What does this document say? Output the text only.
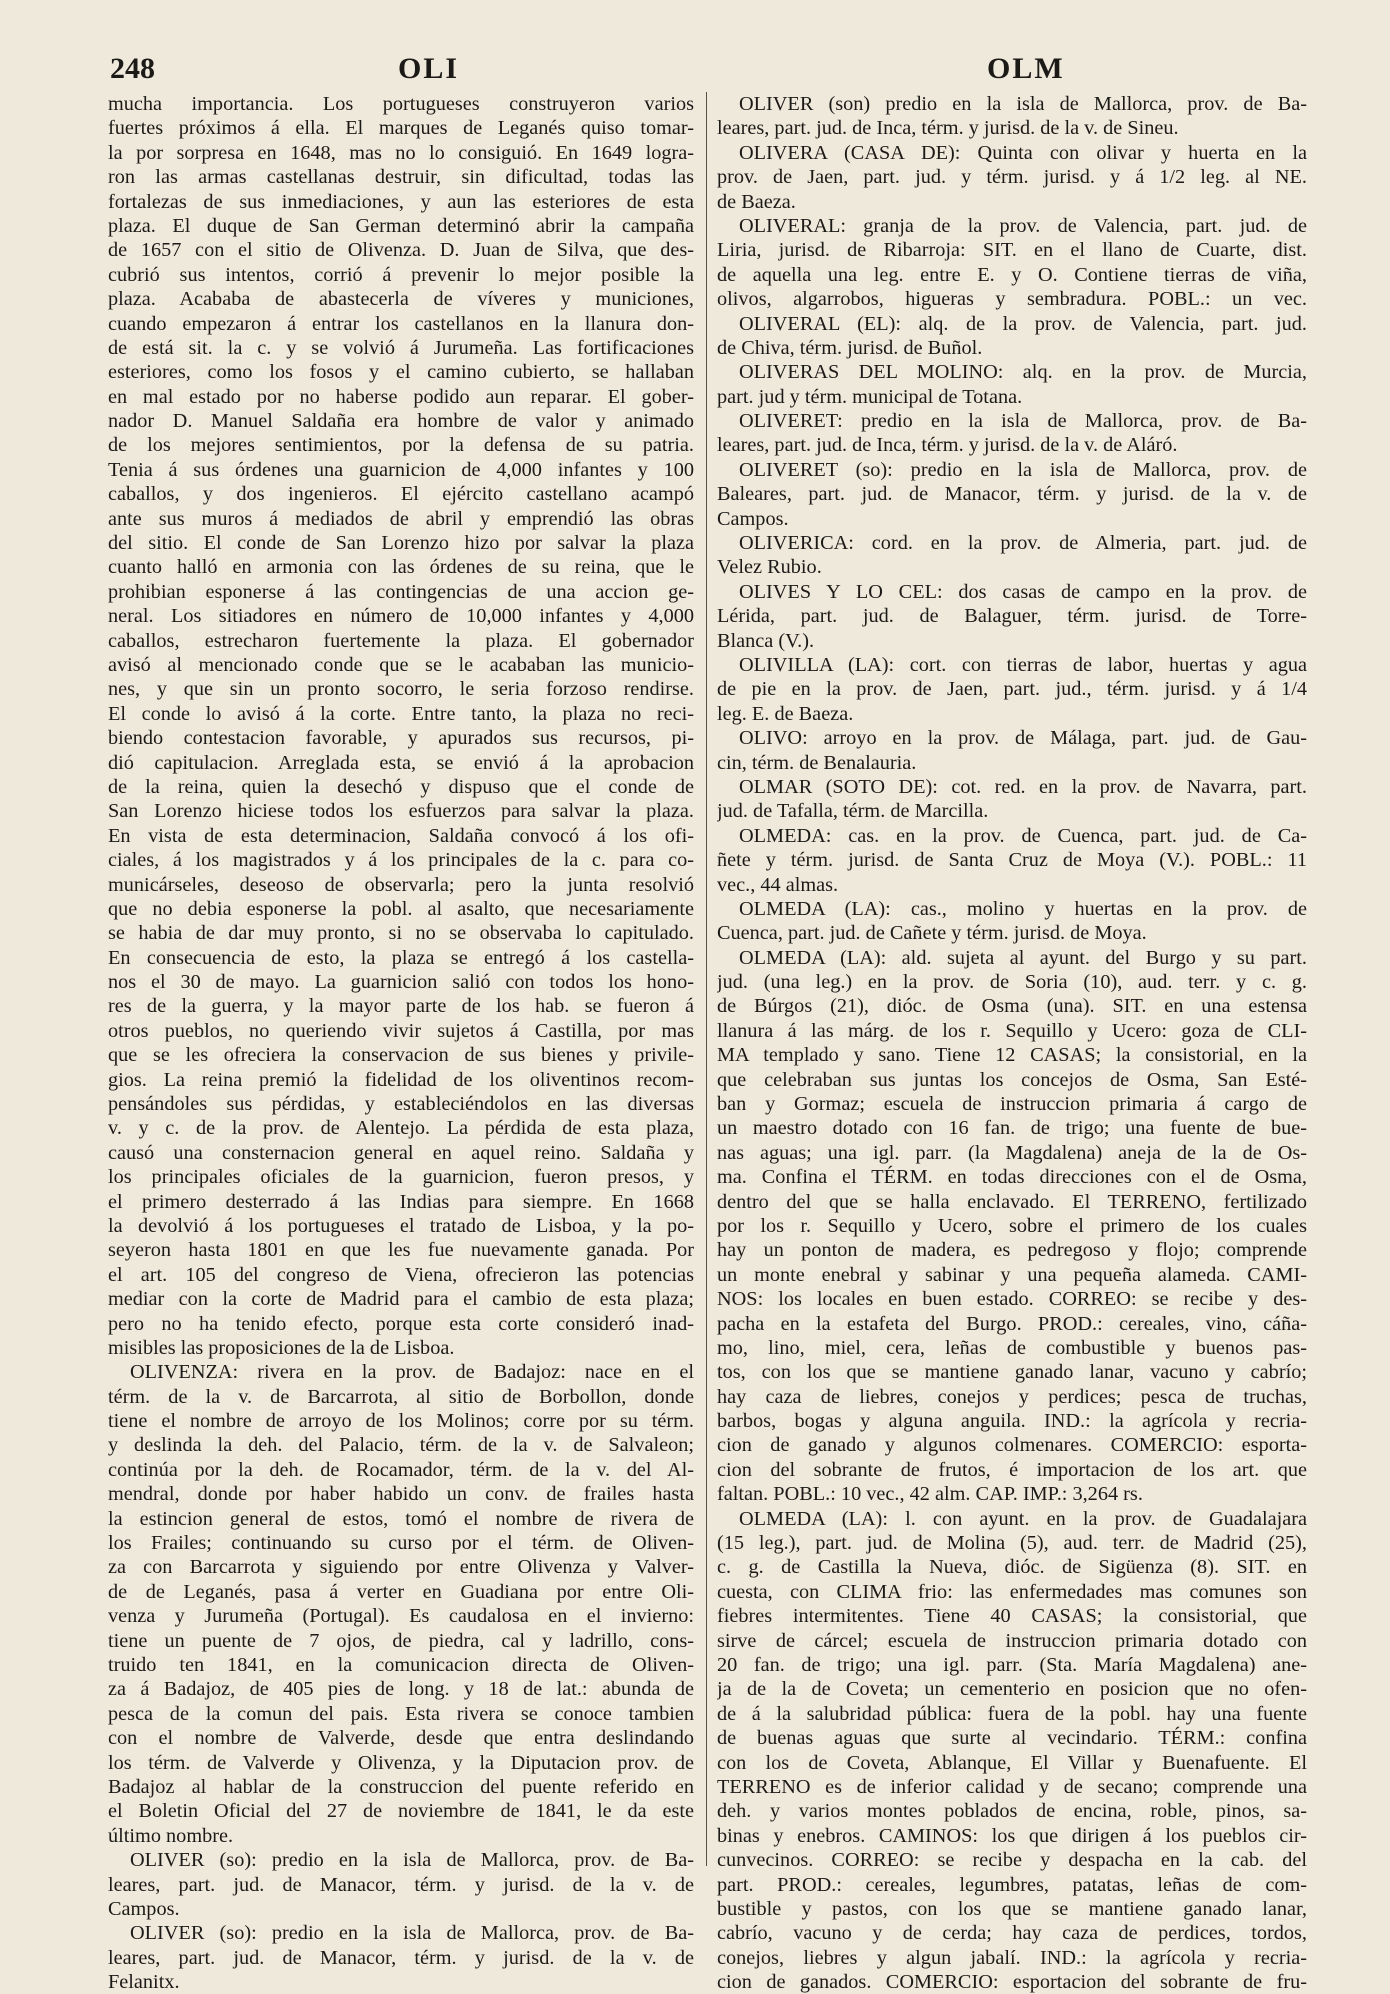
248	OLI	OLM
mucha importancia. Los portugueses construyeron varios
fuertes próximos á ella. El marques de Leganés quiso tomar-
la por sorpresa en 1648, mas no lo consiguió. En 1649 logra-
ron las armas castellanas destruir, sin dificultad, todas las
fortalezas de sus inmediaciones, y aun las esteriores de esta
plaza. El duque de San German determinó abrir la campaña
de 1657 con el sitio de Olivenza. D. Juan de Silva, que des-
cubrió sus intentos, corrió á prevenir lo mejor posible la
plaza. Acababa de abastecerla de víveres y municiones,
cuando empezaron á entrar los castellanos en la llanura don-
de está sit. la c. y se volvió á Jurumeña. Las fortificaciones
esteriores, como los fosos y el camino cubierto, se hallaban
en mal estado por no haberse podido aun reparar. El gober-
nador D. Manuel Saldaña era hombre de valor y animado
de los mejores sentimientos, por la defensa de su patria.
Tenia á sus órdenes una guarnicion de 4,000 infantes y 100
caballos, y dos ingenieros. El ejército castellano acampó
ante sus muros á mediados de abril y emprendió las obras
del sitio. El conde de San Lorenzo hizo por salvar la plaza
cuanto halló en armonia con las órdenes de su reina, que le
prohibian esponerse á las contingencias de una accion ge-
neral. Los sitiadores en número de 10,000 infantes y 4,000
caballos, estrecharon fuertemente la plaza. El gobernador
avisó al mencionado conde que se le acababan las municio-
nes, y que sin un pronto socorro, le seria forzoso rendirse.
El conde lo avisó á la corte. Entre tanto, la plaza no reci-
biendo contestacion favorable, y apurados sus recursos, pi-
dió capitulacion. Arreglada esta, se envió á la aprobacion
de la reina, quien la desechó y dispuso que el conde de
San Lorenzo hiciese todos los esfuerzos para salvar la plaza.
En vista de esta determinacion, Saldaña convocó á los ofi-
ciales, á los magistrados y á los principales de la c. para co-
municárseles, deseoso de observarla; pero la junta resolvió
que no debia esponerse la pobl. al asalto, que necesariamente
se habia de dar muy pronto, si no se observaba lo capitulado.
En consecuencia de esto, la plaza se entregó á los castella-
nos el 30 de mayo. La guarnicion salió con todos los hono-
res de la guerra, y la mayor parte de los hab. se fueron á
otros pueblos, no queriendo vivir sujetos á Castilla, por mas
que se les ofreciera la conservacion de sus bienes y privile-
gios. La reina premió la fidelidad de los oliventinos recom-
pensándoles sus pérdidas, y estableciéndolos en las diversas
v. y c. de la prov. de Alentejo. La pérdida de esta plaza,
causó una consternacion general en aquel reino. Saldaña y
los principales oficiales de la guarnicion, fueron presos, y
el primero desterrado á las Indias para siempre. En 1668
la devolvió á los portugueses el tratado de Lisboa, y la po-
seyeron hasta 1801 en que les fue nuevamente ganada. Por
el art. 105 del congreso de Viena, ofrecieron las potencias
mediar con la corte de Madrid para el cambio de esta plaza;
pero no ha tenido efecto, porque esta corte consideró inad-
misibles las proposiciones de la de Lisboa.
OLIVENZA: rivera en la prov. de Badajoz: nace en el
térm. de la v. de Barcarrota, al sitio de Borbollon, donde
tiene el nombre de arroyo de los Molinos; corre por su térm.
y deslinda la deh. del Palacio, térm. de la v. de Salvaleon;
continúa por la deh. de Rocamador, térm. de la v. del Al-
mendral, donde por haber habido un conv. de frailes hasta
la estincion general de estos, tomó el nombre de rivera de
los Frailes; continuando su curso por el térm. de Oliven-
za con Barcarrota y siguiendo por entre Olivenza y Valver-
de de Leganés, pasa á verter en Guadiana por entre Oli-
venza y Jurumeña (Portugal). Es caudalosa en el invierno:
tiene un puente de 7 ojos, de piedra, cal y ladrillo, cons-
truido ten 1841, en la comunicacion directa de Oliven-
za á Badajoz, de 405 pies de long. y 18 de lat.: abunda de
pesca de la comun del pais. Esta rivera se conoce tambien
con el nombre de Valverde, desde que entra deslindando
los térm. de Valverde y Olivenza, y la Diputacion prov. de
Badajoz al hablar de la construccion del puente referido en
el Boletin Oficial del 27 de noviembre de 1841, le da este
último nombre.
OLIVER (so): predio en la isla de Mallorca, prov. de Ba-
leares, part. jud. de Manacor, térm. y jurisd. de la v. de
Campos.
OLIVER (so): predio en la isla de Mallorca, prov. de Ba-
leares, part. jud. de Manacor, térm. y jurisd. de la v. de
Felanitx.
OLIVER (son) predio en la isla de Mallorca, prov. de Ba-
leares, part. jud. de Inca, térm. y jurisd. de la v. de Sineu.
OLIVERA (CASA DE): Quinta con olivar y huerta en la
prov. de Jaen, part. jud. y térm. jurisd. y á 1/2 leg. al NE.
de Baeza.
OLIVERAL: granja de la prov. de Valencia, part. jud. de
Liria, jurisd. de Ribarroja: SIT. en el llano de Cuarte, dist.
de aquella una leg. entre E. y O. Contiene tierras de viña,
olivos, algarrobos, higueras y sembradura. POBL.: un vec.
OLIVERAL (EL): alq. de la prov. de Valencia, part. jud.
de Chiva, térm. jurisd. de Buñol.
OLIVERAS DEL MOLINO: alq. en la prov. de Murcia,
part. jud y térm. municipal de Totana.
OLIVERET: predio en la isla de Mallorca, prov. de Ba-
leares, part. jud. de Inca, térm. y jurisd. de la v. de Aláró.
OLIVERET (so): predio en la isla de Mallorca, prov. de
Baleares, part. jud. de Manacor, térm. y jurisd. de la v. de
Campos.
OLIVERICA: cord. en la prov. de Almeria, part. jud. de
Velez Rubio.
OLIVES Y LO CEL: dos casas de campo en la prov. de
Lérida, part. jud. de Balaguer, térm. jurisd. de Torre-
Blanca (V.).
OLIVILLA (LA): cort. con tierras de labor, huertas y agua
de pie en la prov. de Jaen, part. jud., térm. jurisd. y á 1/4
leg. E. de Baeza.
OLIVO: arroyo en la prov. de Málaga, part. jud. de Gau-
cin, térm. de Benalauria.
OLMAR (SOTO DE): cot. red. en la prov. de Navarra, part.
jud. de Tafalla, térm. de Marcilla.
OLMEDA: cas. en la prov. de Cuenca, part. jud. de Ca-
ñete y térm. jurisd. de Santa Cruz de Moya (V.). POBL.: 11
vec., 44 almas.
OLMEDA (LA): cas., molino y huertas en la prov. de
Cuenca, part. jud. de Cañete y térm. jurisd. de Moya.
OLMEDA (LA): ald. sujeta al ayunt. del Burgo y su part.
jud. (una leg.) en la prov. de Soria (10), aud. terr. y c. g.
de Búrgos (21), dióc. de Osma (una). SIT. en una estensa
llanura á las márg. de los r. Sequillo y Ucero: goza de CLI-
MA templado y sano. Tiene 12 CASAS; la consistorial, en la
que celebraban sus juntas los concejos de Osma, San Esté-
ban y Gormaz; escuela de instruccion primaria á cargo de
un maestro dotado con 16 fan. de trigo; una fuente de bue-
nas aguas; una igl. parr. (la Magdalena) aneja de la de Os-
ma. Confina el TÉRM. en todas direcciones con el de Osma,
dentro del que se halla enclavado. El TERRENO, fertilizado
por los r. Sequillo y Ucero, sobre el primero de los cuales
hay un ponton de madera, es pedregoso y flojo; comprende
un monte enebral y sabinar y una pequeña alameda. CAMI-
NOS: los locales en buen estado. CORREO: se recibe y des-
pacha en la estafeta del Burgo. PROD.: cereales, vino, cáña-
mo, lino, miel, cera, leñas de combustible y buenos pas-
tos, con los que se mantiene ganado lanar, vacuno y cabrío;
hay caza de liebres, conejos y perdices; pesca de truchas,
barbos, bogas y alguna anguila. IND.: la agrícola y recria-
cion de ganado y algunos colmenares. COMERCIO: esporta-
cion del sobrante de frutos, é importacion de los art. que
faltan. POBL.: 10 vec., 42 alm. CAP. IMP.: 3,264 rs.
OLMEDA (LA): l. con ayunt. en la prov. de Guadalajara
(15 leg.), part. jud. de Molina (5), aud. terr. de Madrid (25),
c. g. de Castilla la Nueva, dióc. de Sigüenza (8). SIT. en
cuesta, con CLIMA frio: las enfermedades mas comunes son
fiebres intermitentes. Tiene 40 CASAS; la consistorial, que
sirve de cárcel; escuela de instruccion primaria dotado con
20 fan. de trigo; una igl. parr. (Sta. María Magdalena) ane-
ja de la de Coveta; un cementerio en posicion que no ofen-
de á la salubridad pública: fuera de la pobl. hay una fuente
de buenas aguas que surte al vecindario. TÉRM.: confina
con los de Coveta, Ablanque, El Villar y Buenafuente. El
TERRENO es de inferior calidad y de secano; comprende una
deh. y varios montes poblados de encina, roble, pinos, sa-
binas y enebros. CAMINOS: los que dirigen á los pueblos cir-
cunvecinos. CORREO: se recibe y despacha en la cab. del
part. PROD.: cereales, legumbres, patatas, leñas de com-
bustible y pastos, con los que se mantiene ganado lanar,
cabrío, vacuno y de cerda; hay caza de perdices, tordos,
conejos, liebres y algun jabalí. IND.: la agrícola y recria-
cion de ganados. COMERCIO: esportacion del sobrante de fru-
